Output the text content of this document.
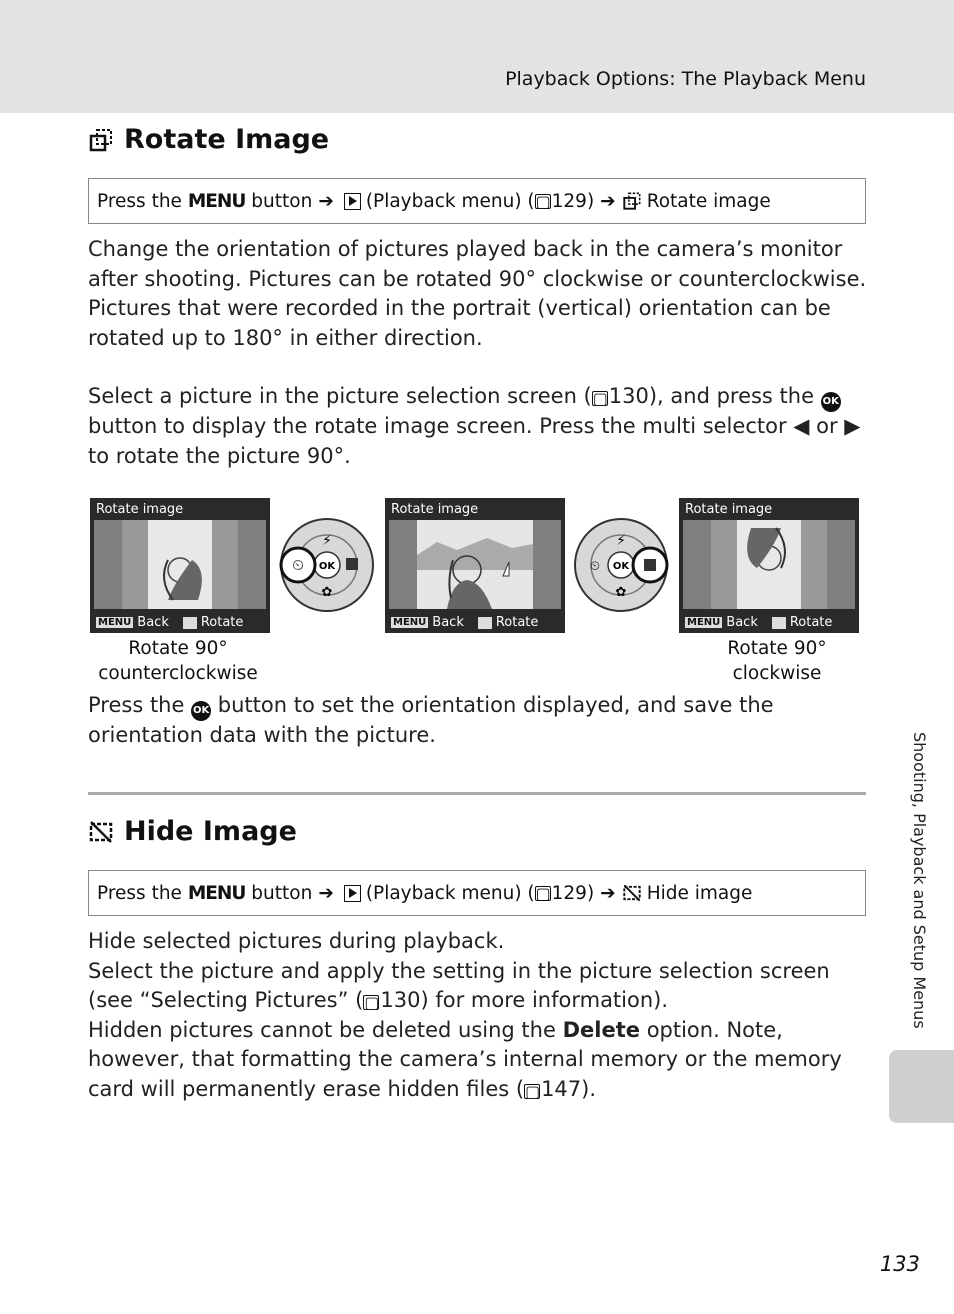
Playback Options: The Playback Menu
Rotate Image
Press the
MENU
button ➔ (Playback menu) ( ▢ 129 ) ➔ Rotate image
Change the orientation of pictures played back in the camera’s monitor after shooting. Pictures can be rotated 90° clockwise or counterclockwise.
Pictures that were recorded in the portrait (vertical) orientation can be rotated up to 180° in either direction.
Select a picture in the picture selection screen (▢130), and press the OK button to display the rotate image screen. Press the multi selector ◀ or ▶ to rotate the picture 90°.
Rotate image
MENU Back Rotate
OK
⚡
✿
⏲
Rotate image
MENU Back Rotate
OK
⚡
✿
⏲
Rotate image
MENU Back Rotate
Rotate 90°
counterclockwise
Rotate 90°
clockwise
Press the OK button to set the orientation displayed, and save the orientation data with the picture.
Hide Image
Press the
MENU
button ➔ (Playback menu) ( ▢ 129 ) ➔ Hide image
Hide selected pictures during playback.
Select the picture and apply the setting in the picture selection screen (see “Selecting Pictures” (▢130) for more information).
Hidden pictures cannot be deleted using the Delete option. Note, however, that formatting the camera’s internal memory or the memory card will permanently erase hidden files (▢147).
Shooting, Playback and Setup Menus
133
